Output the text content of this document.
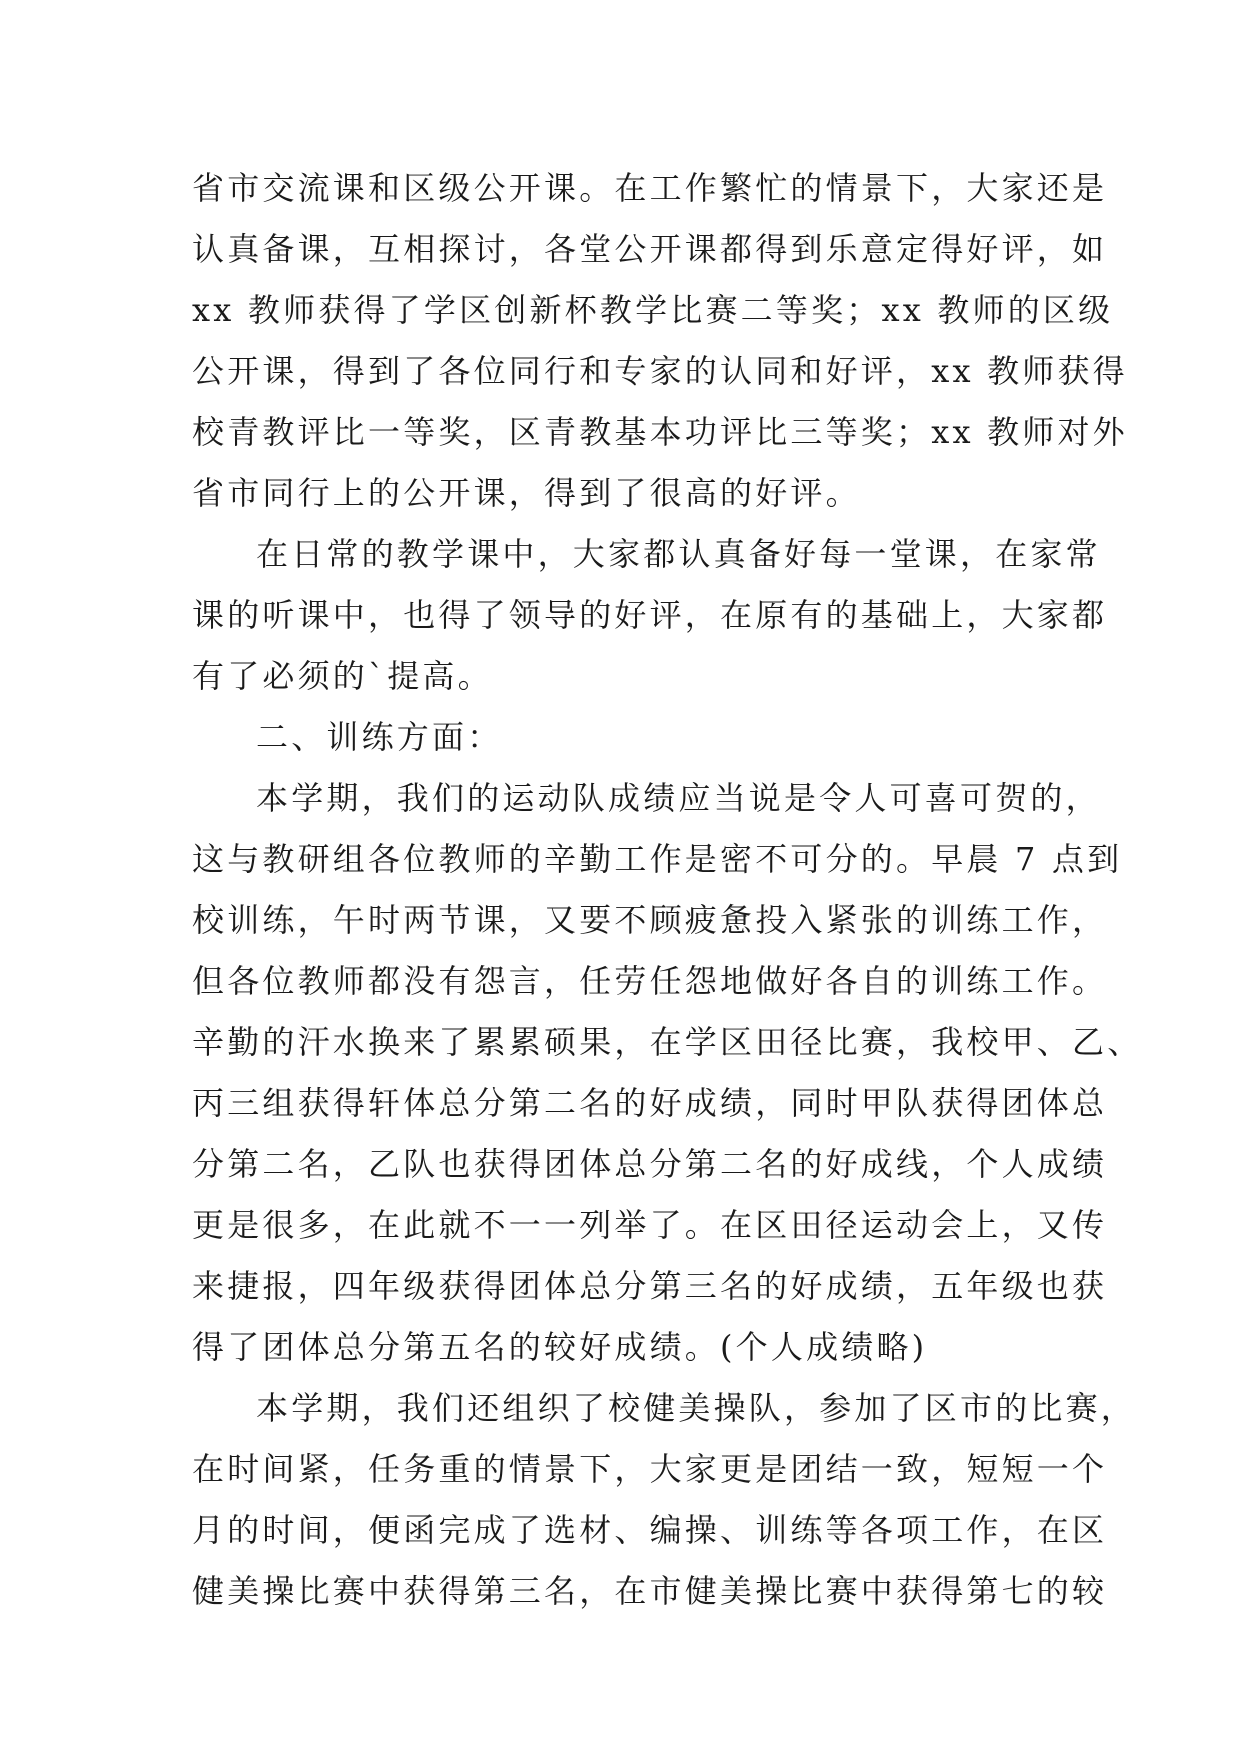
省市交流课和区级公开课。在工作繁忙的情景下，大家还是
认真备课，互相探讨，各堂公开课都得到乐意定得好评，如
xx 教师获得了学区创新杯教学比赛二等奖；xx 教师的区级
公开课，得到了各位同行和专家的认同和好评，xx 教师获得
校青教评比一等奖，区青教基本功评比三等奖；xx 教师对外
省市同行上的公开课，得到了很高的好评。
在日常的教学课中，大家都认真备好每一堂课，在家常
课的听课中，也得了领导的好评，在原有的基础上，大家都
有了必须的`提高。
二、训练方面：
本学期，我们的运动队成绩应当说是令人可喜可贺的，
这与教研组各位教师的辛勤工作是密不可分的。早晨 7 点到
校训练，午时两节课，又要不顾疲惫投入紧张的训练工作，
但各位教师都没有怨言，任劳任怨地做好各自的训练工作。
辛勤的汗水换来了累累硕果，在学区田径比赛，我校甲、乙、
丙三组获得轩体总分第二名的好成绩，同时甲队获得团体总
分第二名，乙队也获得团体总分第二名的好成线，个人成绩
更是很多，在此就不一一列举了。在区田径运动会上，又传
来捷报，四年级获得团体总分第三名的好成绩，五年级也获
得了团体总分第五名的较好成绩。(个人成绩略)
本学期，我们还组织了校健美操队，参加了区市的比赛，
在时间紧，任务重的情景下，大家更是团结一致，短短一个
月的时间，便函完成了选材、编操、训练等各项工作，在区
健美操比赛中获得第三名，在市健美操比赛中获得第七的较
